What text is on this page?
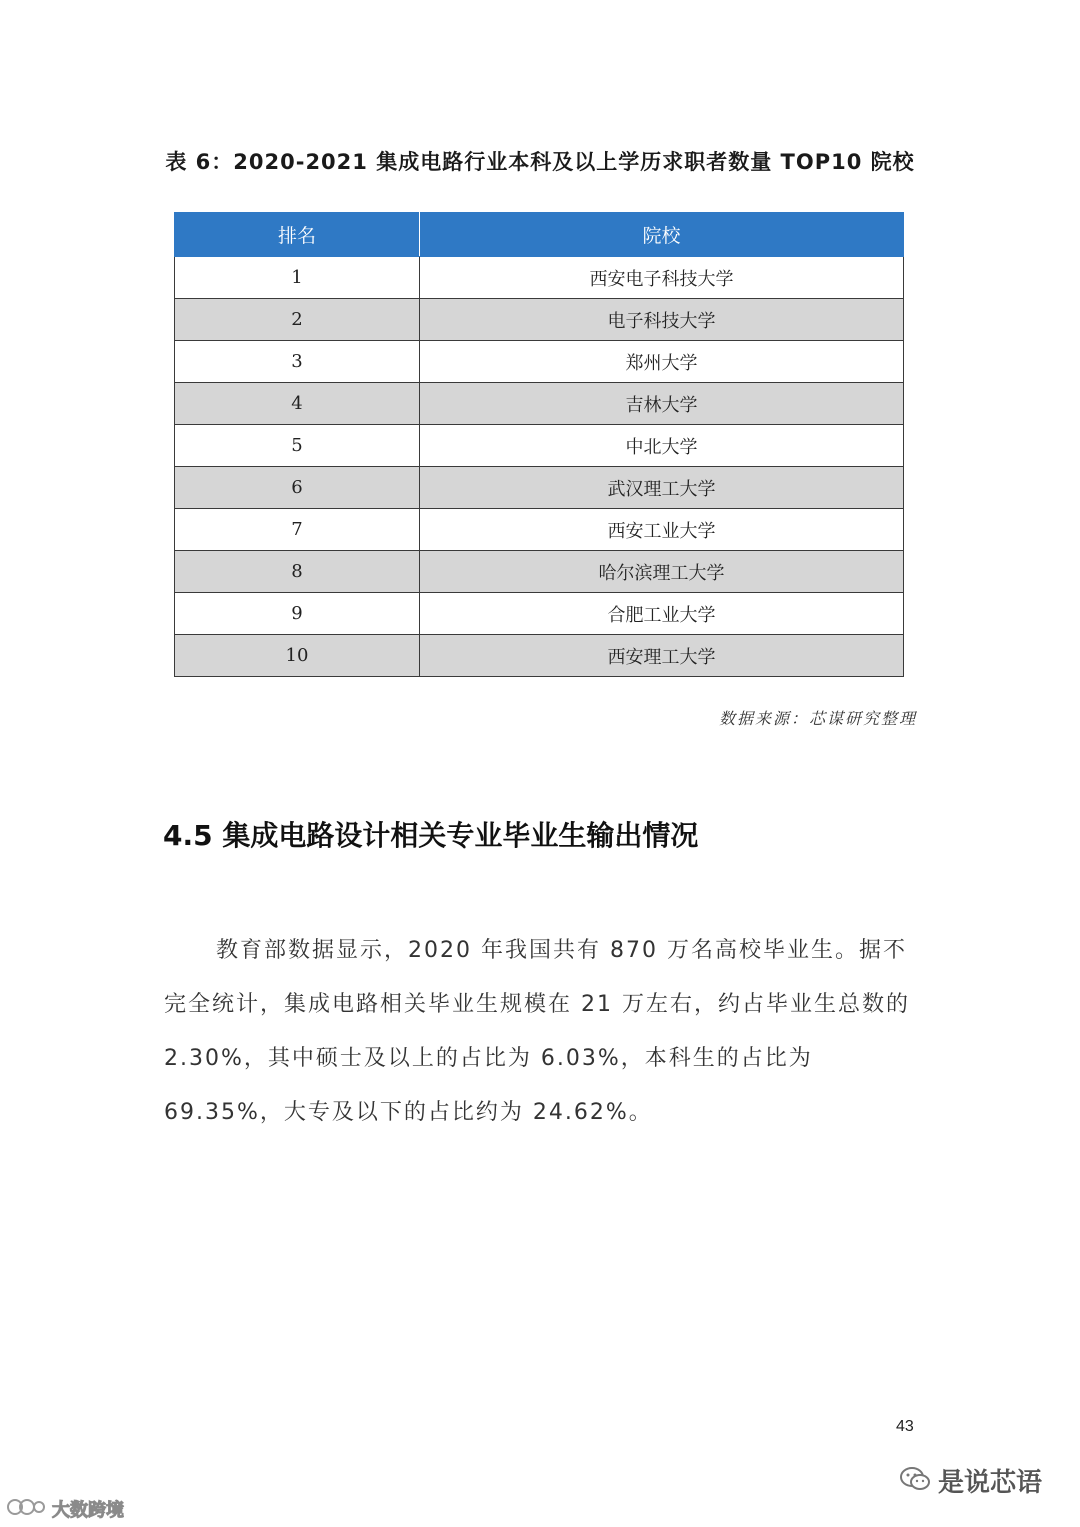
表 6：2020-2021 集成电路行业本科及以上学历求职者数量 TOP10 院校
排名	院校
1	西安电子科技大学
2	电子科技大学
3	郑州大学
4	吉林大学
5	中北大学
6	武汉理工大学
7	西安工业大学
8	哈尔滨理工大学
9	合肥工业大学
10	西安理工大学
数据来源：芯谋研究整理
4.5 集成电路设计相关专业毕业生输出情况
教育部数据显示，2020 年我国共有 870 万名高校毕业生。据不完全统计，集成电路相关毕业生规模在 21 万左右，约占毕业生总数的 2.30%，其中硕士及以上的占比为 6.03%，本科生的占比为 69.35%，大专及以下的占比约为 24.62%。
43
是说芯语
大数跨境
